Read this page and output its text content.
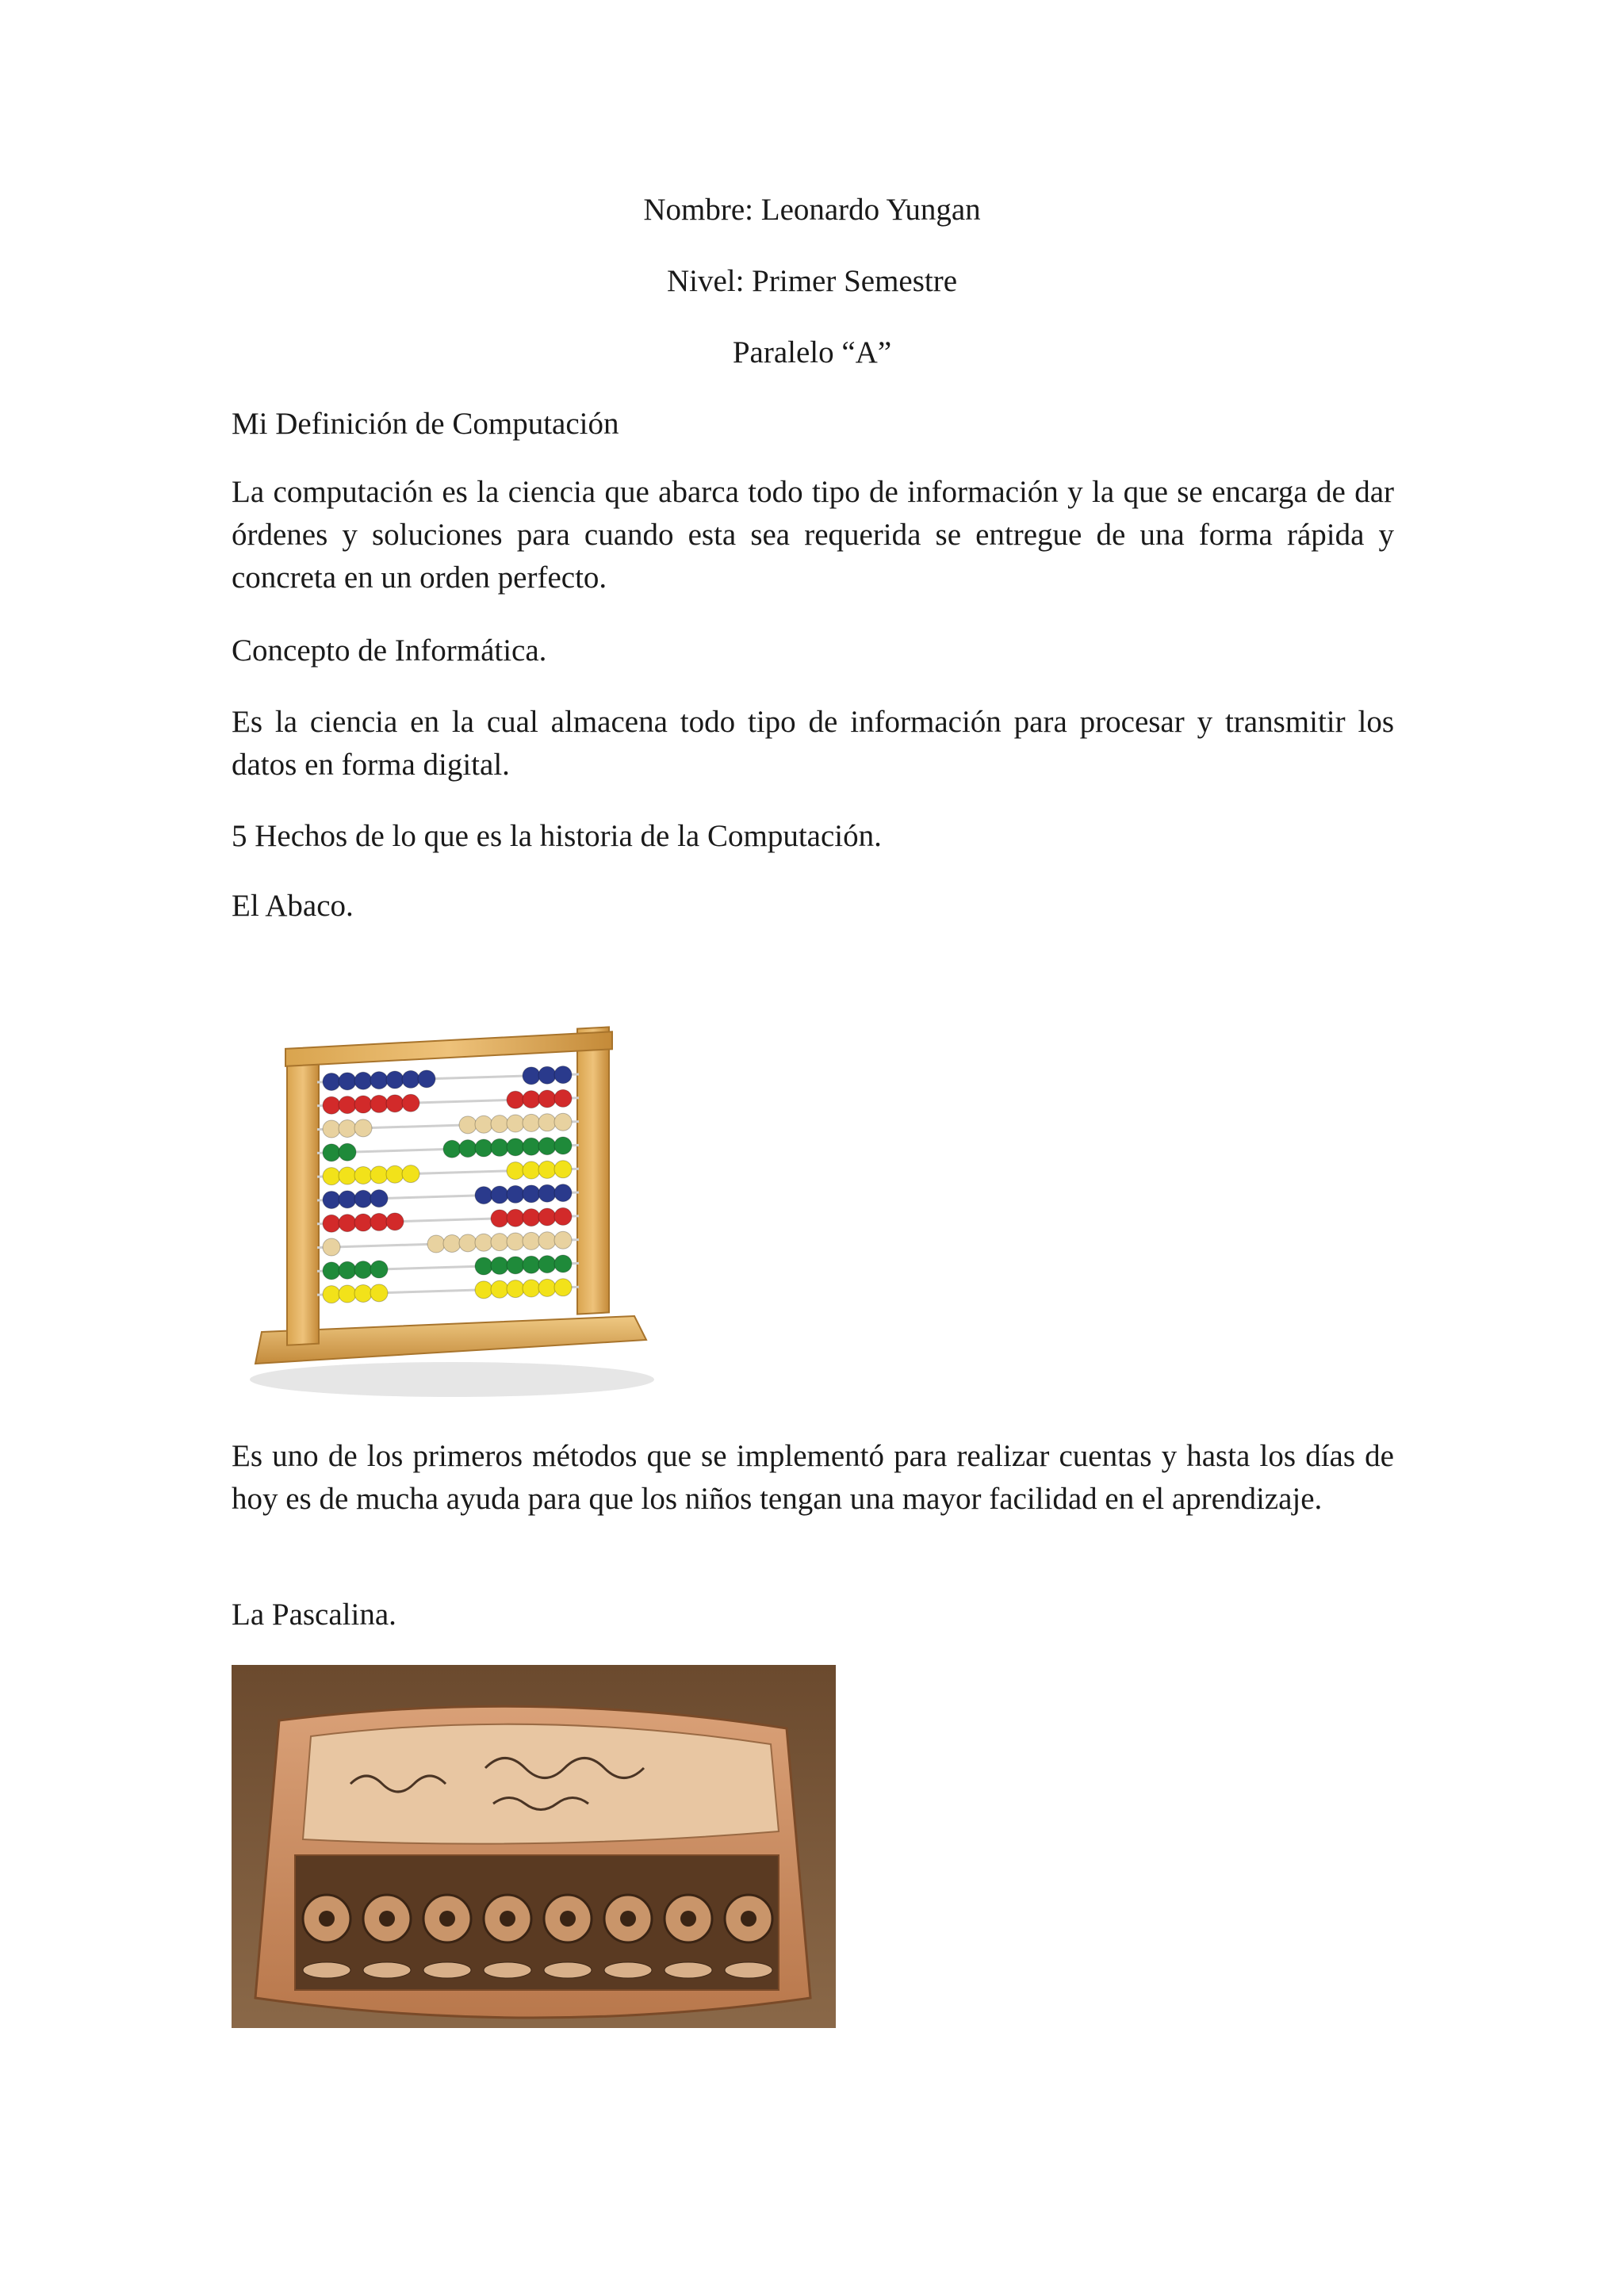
Nombre: Leonardo Yungan
Nivel: Primer Semestre
Paralelo “A”
Mi Definición de Computación
La computación es la ciencia que abarca todo tipo de información y la que se encarga de dar órdenes y soluciones para cuando esta sea requerida se entregue de una forma rápida y concreta en un orden perfecto.
Concepto de Informática.
Es la ciencia en la cual almacena todo tipo de información para procesar y transmitir los datos en forma digital.
5 Hechos de lo que es la historia de la Computación.
El Abaco.
Es uno de los primeros métodos que se implementó para realizar cuentas y hasta los días de hoy es de mucha ayuda para que los niños tengan una mayor facilidad en el aprendizaje.
La Pascalina.
